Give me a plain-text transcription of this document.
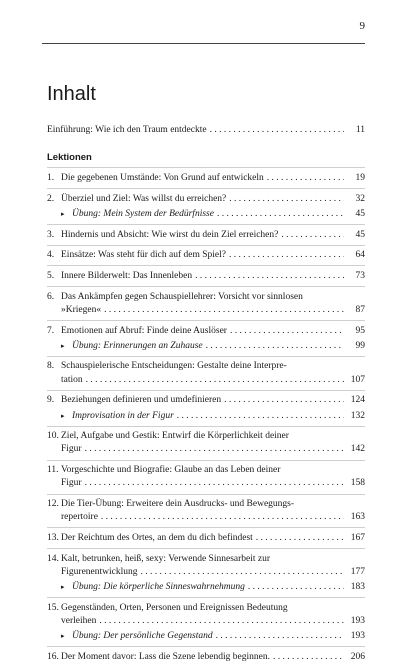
9
Inhalt
Einführung: Wie ich den Traum entdeckte . . .	11
Lektionen
1. Die gegebenen Umstände: Von Grund auf entwickeln . . .	19
2. Überziel und Ziel: Was willst du erreichen? . . .	32
▸ Übung: Mein System der Bedürfnisse . . .	45
3. Hindernis und Absicht: Wie wirst du dein Ziel erreichen? . . .	45
4. Einsätze: Was steht für dich auf dem Spiel? . . .	64
5. Innere Bilderwelt: Das Innenleben . . .	73
6. Das Ankämpfen gegen Schauspiellehrer: Vorsicht vor sinnlosen
»Kriegen« . . .	87
7. Emotionen auf Abruf: Finde deine Auslöser . . .	95
▸ Übung: Erinnerungen an Zuhause . . .	99
8. Schauspielerische Entscheidungen: Gestalte deine Interpre-
tation . . .	107
9. Beziehungen definieren und umdefinieren . . .	124
▸ Improvisation in der Figur . . .	132
10. Ziel, Aufgabe und Gestik: Entwirf die Körperlichkeit deiner
Figur . . .	142
11. Vorgeschichte und Biografie: Glaube an das Leben deiner
Figur . . .	158
12. Die Tier-Übung: Erweitere dein Ausdrucks- und Bewegungs-
repertoire . . .	163
13. Der Reichtum des Ortes, an dem du dich befindest . . .	167
14. Kalt, betrunken, heiß, sexy: Verwende Sinnesarbeit zur
Figurenentwicklung . . .	177
▸ Übung: Die körperliche Sinneswahrnehmung . . .	183
15. Gegenständen, Orten, Personen und Ereignissen Bedeutung
verleihen . . .	193
▸ Übung: Der persönliche Gegenstand . . .	193
16. Der Moment davor: Lass die Szene lebendig beginnen. . . .	206
